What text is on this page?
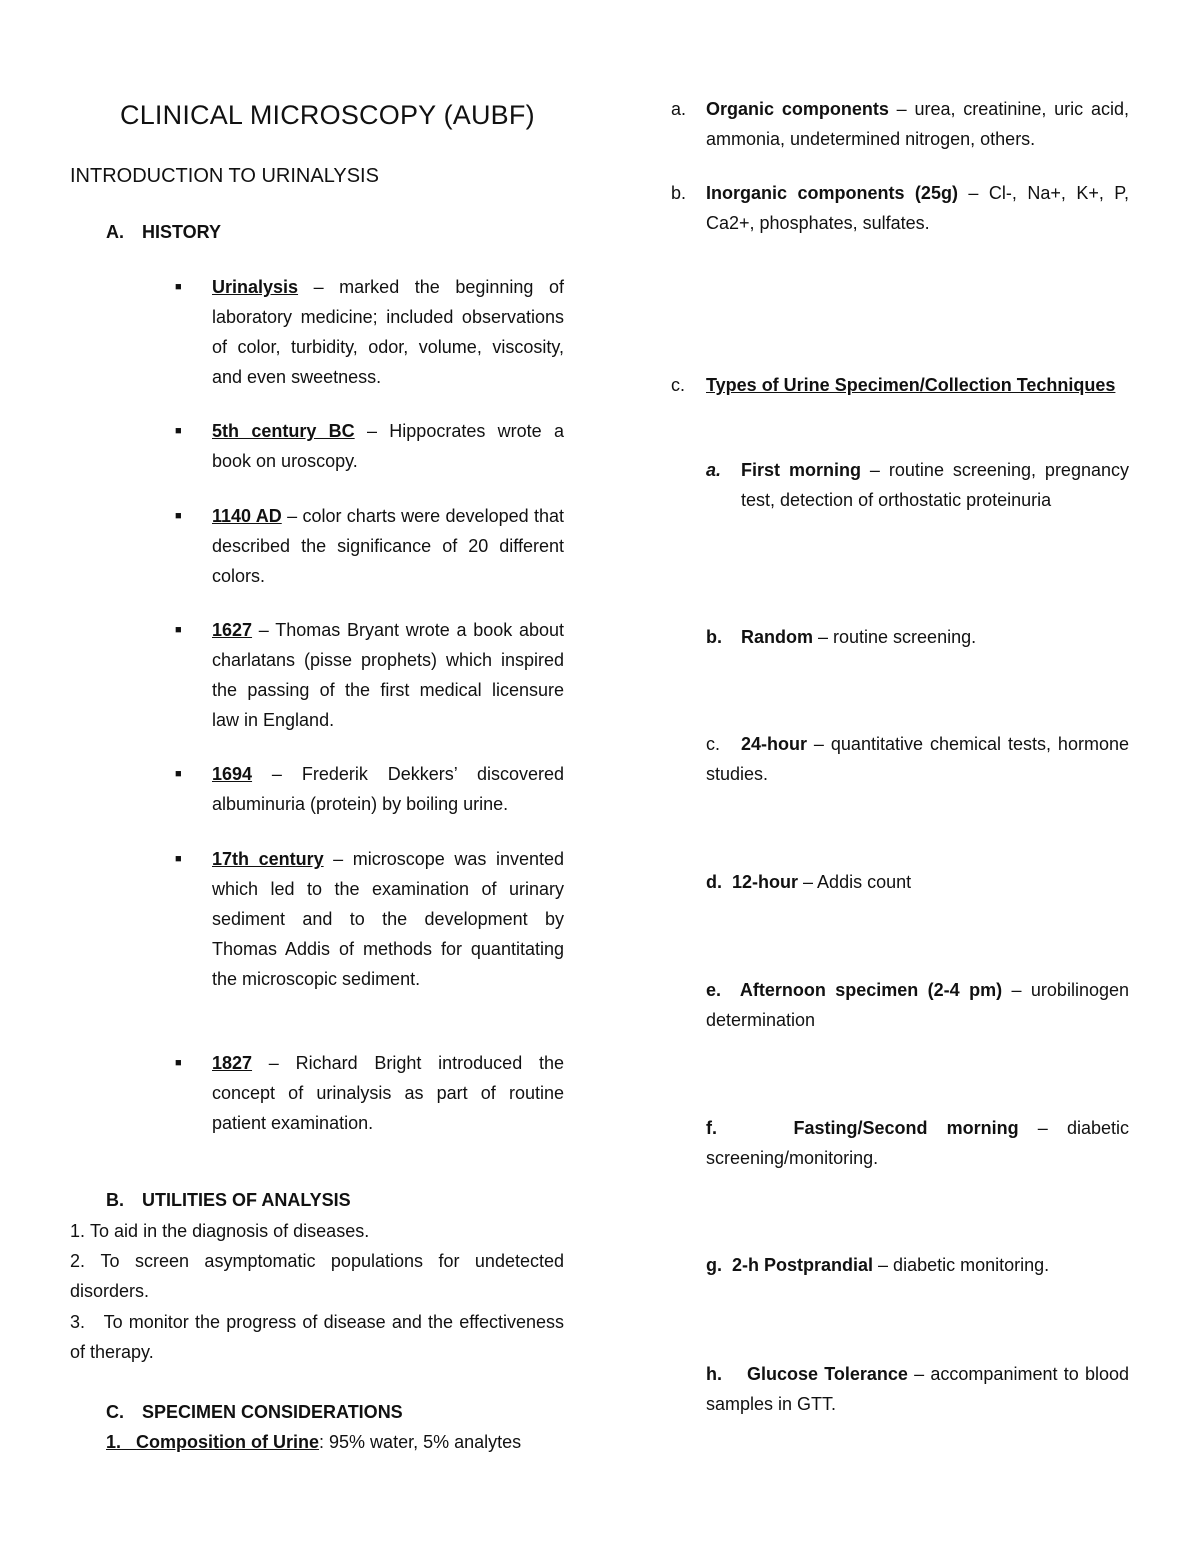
CLINICAL MICROSCOPY (AUBF)
INTRODUCTION TO URINALYSIS
A. HISTORY
■ Urinalysis – marked the beginning of laboratory medicine; included observations of color, turbidity, odor, volume, viscosity, and even sweetness.
■ 5th century BC – Hippocrates wrote a book on uroscopy.
■ 1140 AD – color charts were developed that described the significance of 20 different colors.
■ 1627 – Thomas Bryant wrote a book about charlatans (pisse prophets) which inspired the passing of the first medical licensure law in England.
■ 1694 – Frederik Dekkers’ discovered albuminuria (protein) by boiling urine.
■ 17th century – microscope was invented which led to the examination of urinary sediment and to the development by Thomas Addis of methods for quantitating the microscopic sediment.
■ 1827 – Richard Bright introduced the concept of urinalysis as part of routine patient examination.
B. UTILITIES OF ANALYSIS
1. To aid in the diagnosis of diseases.
2. To screen asymptomatic populations for undetected disorders.
3. To monitor the progress of disease and the effectiveness of therapy.
C. SPECIMEN CONSIDERATIONS
1. Composition of Urine: 95% water, 5% analytes
a. Organic components – urea, creatinine, uric acid, ammonia, undetermined nitrogen, others.
b. Inorganic components (25g) – Cl-, Na+, K+, P, Ca2+, phosphates, sulfates.
c. Types of Urine Specimen/Collection Techniques
a. First morning – routine screening, pregnancy test, detection of orthostatic proteinuria
b. Random – routine screening.
c. 24-hour – quantitative chemical tests, hormone studies.
d. 12-hour – Addis count
e. Afternoon specimen (2-4 pm) – urobilinogen determination
f.	Fasting/Second morning – diabetic screening/monitoring.
g. 2-h Postprandial – diabetic monitoring.
h. Glucose Tolerance – accompaniment to blood samples in GTT.
